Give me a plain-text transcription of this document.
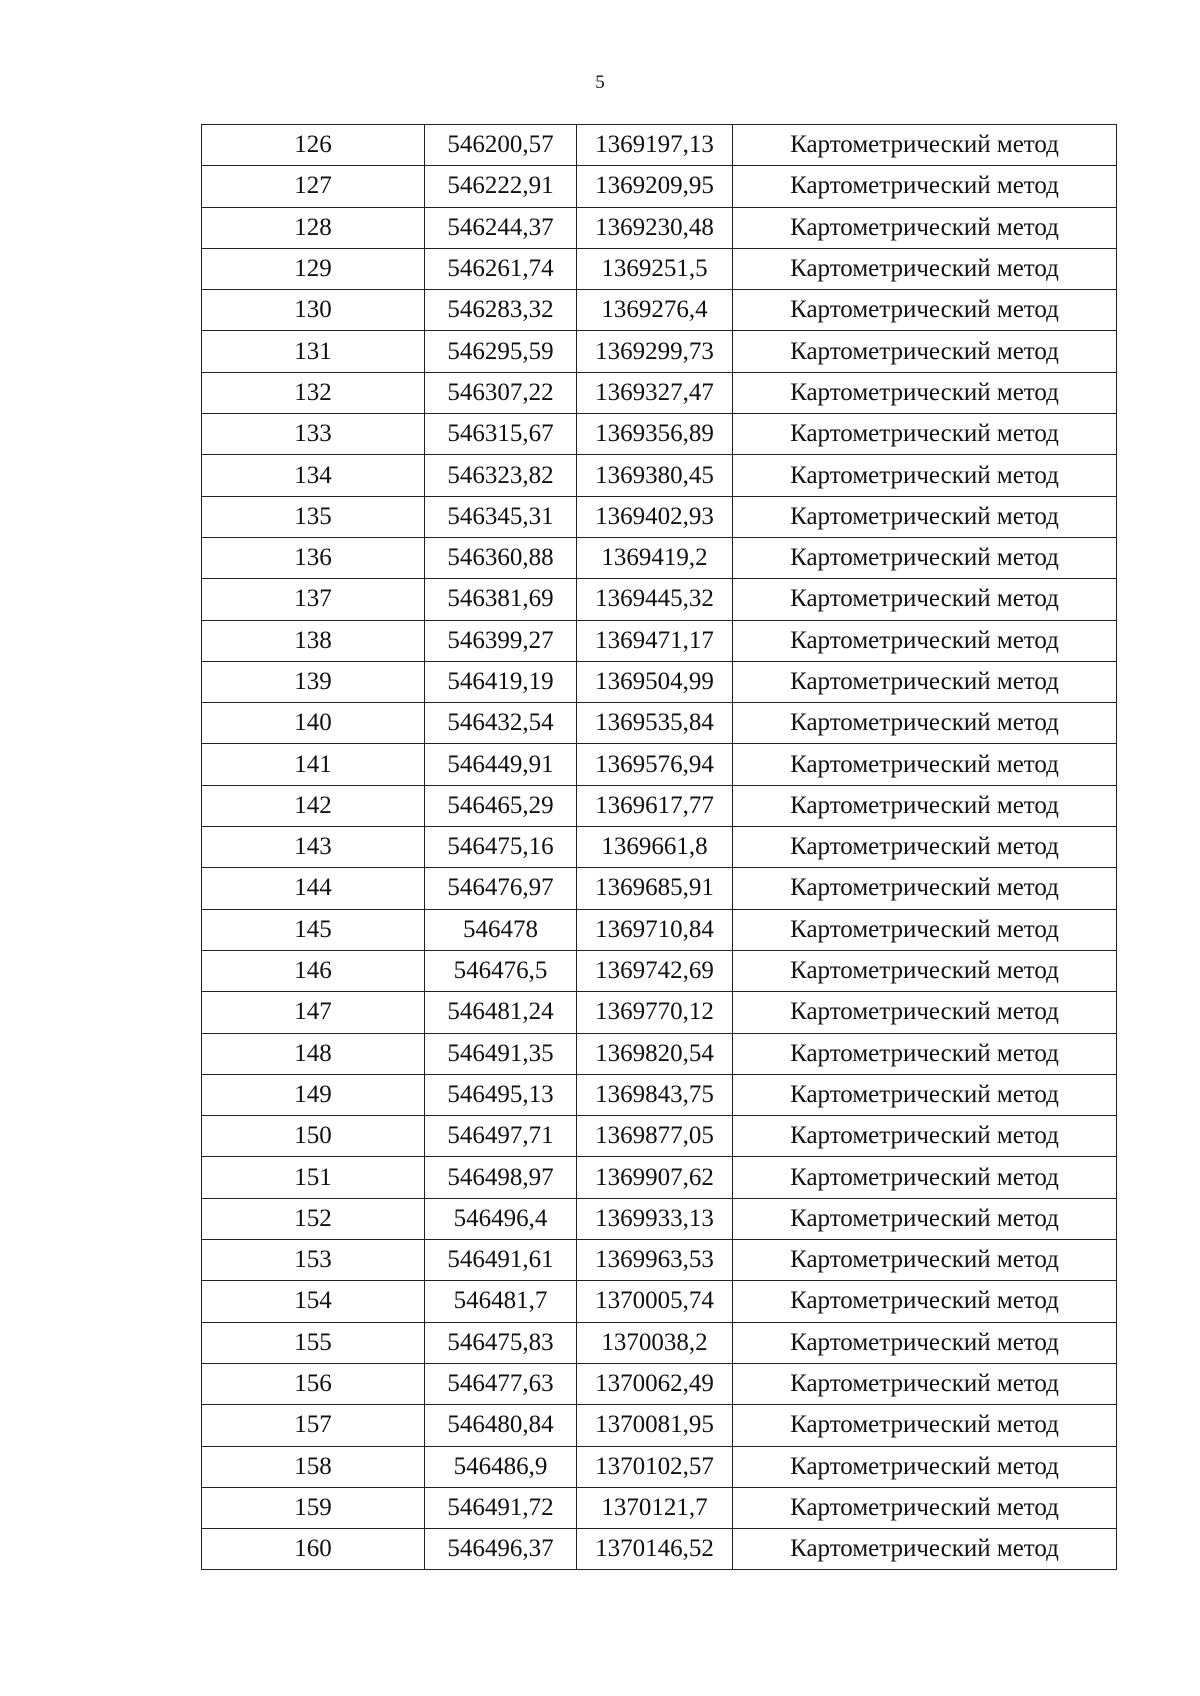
5
126	546200,57	1369197,13	Картометрический метод
127	546222,91	1369209,95	Картометрический метод
128	546244,37	1369230,48	Картометрический метод
129	546261,74	1369251,5	Картометрический метод
130	546283,32	1369276,4	Картометрический метод
131	546295,59	1369299,73	Картометрический метод
132	546307,22	1369327,47	Картометрический метод
133	546315,67	1369356,89	Картометрический метод
134	546323,82	1369380,45	Картометрический метод
135	546345,31	1369402,93	Картометрический метод
136	546360,88	1369419,2	Картометрический метод
137	546381,69	1369445,32	Картометрический метод
138	546399,27	1369471,17	Картометрический метод
139	546419,19	1369504,99	Картометрический метод
140	546432,54	1369535,84	Картометрический метод
141	546449,91	1369576,94	Картометрический метод
142	546465,29	1369617,77	Картометрический метод
143	546475,16	1369661,8	Картометрический метод
144	546476,97	1369685,91	Картометрический метод
145	546478	1369710,84	Картометрический метод
146	546476,5	1369742,69	Картометрический метод
147	546481,24	1369770,12	Картометрический метод
148	546491,35	1369820,54	Картометрический метод
149	546495,13	1369843,75	Картометрический метод
150	546497,71	1369877,05	Картометрический метод
151	546498,97	1369907,62	Картометрический метод
152	546496,4	1369933,13	Картометрический метод
153	546491,61	1369963,53	Картометрический метод
154	546481,7	1370005,74	Картометрический метод
155	546475,83	1370038,2	Картометрический метод
156	546477,63	1370062,49	Картометрический метод
157	546480,84	1370081,95	Картометрический метод
158	546486,9	1370102,57	Картометрический метод
159	546491,72	1370121,7	Картометрический метод
160	546496,37	1370146,52	Картометрический метод
